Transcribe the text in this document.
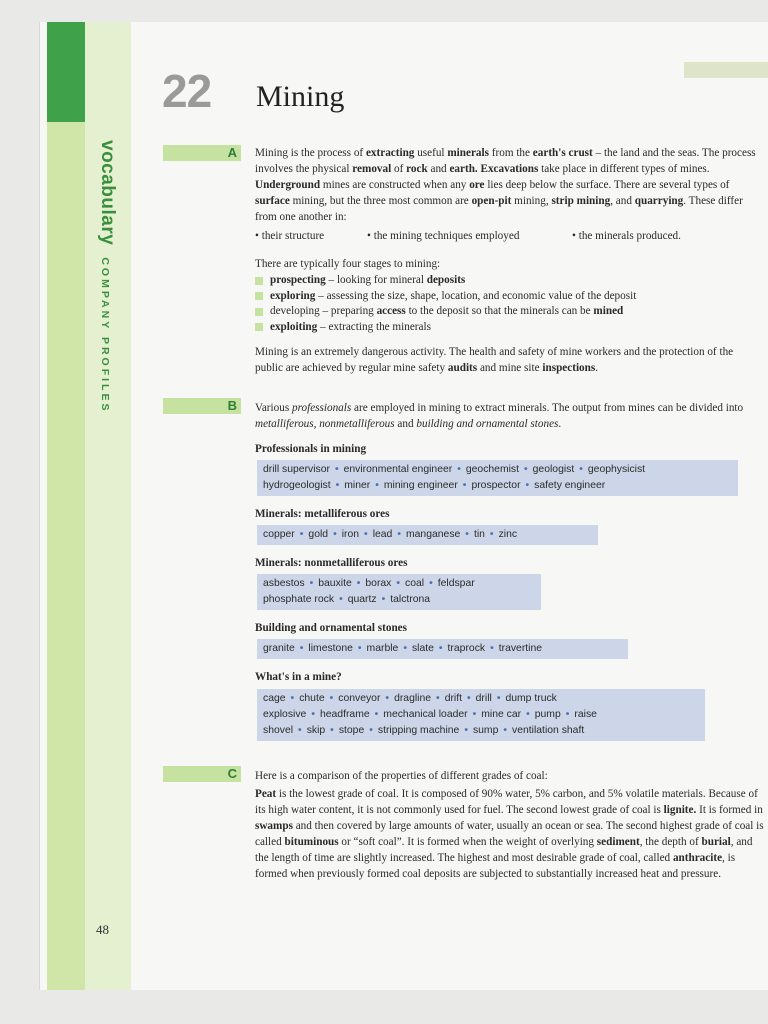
vocabulary
COMPANY PROFILES
48
22 Mining
A	Mining is the process of extracting useful minerals from the earth's crust – the land and the seas. The process involves the physical removal of rock and earth. Excavations take place in different types of mines. Underground mines are constructed when any ore lies deep below the surface. There are several types of surface mining, but the three most common are open-pit mining, strip mining, and quarrying. These differ from one another in:
• their structure	• the mining techniques employed	• the minerals produced.
There are typically four stages to mining:
prospecting – looking for mineral deposits
exploring – assessing the size, shape, location, and economic value of the deposit
developing – preparing access to the deposit so that the minerals can be mined
exploiting – extracting the minerals
Mining is an extremely dangerous activity. The health and safety of mine workers and the protection of the public are achieved by regular mine safety audits and mine site inspections.
B	Various professionals are employed in mining to extract minerals. The output from mines can be divided into metalliferous, nonmetalliferous and building and ornamental stones.
Professionals in mining
drill supervisor • environmental engineer • geochemist • geologist • geophysicist
hydrogeologist • miner • mining engineer • prospector • safety engineer
Minerals: metalliferous ores
copper • gold • iron • lead • manganese • tin • zinc
Minerals: nonmetalliferous ores
asbestos • bauxite • borax • coal • feldspar
phosphate rock • quartz • talctrona
Building and ornamental stones
granite • limestone • marble • slate • traprock • travertine
What's in a mine?
cage • chute • conveyor • dragline • drift • drill • dump truck
explosive • headframe • mechanical loader • mine car • pump • raise
shovel • skip • stope • stripping machine • sump • ventilation shaft
C	Here is a comparison of the properties of different grades of coal:
Peat is the lowest grade of coal. It is composed of 90% water, 5% carbon, and 5% volatile materials. Because of its high water content, it is not commonly used for fuel. The second lowest grade of coal is lignite. It is formed in swamps and then covered by large amounts of water, usually an ocean or sea. The second highest grade of coal is called bituminous or “soft coal”. It is formed when the weight of overlying sediment, the depth of burial, and the length of time are slightly increased. The highest and most desirable grade of coal, called anthracite, is formed when previously formed coal deposits are subjected to substantially increased heat and pressure.
